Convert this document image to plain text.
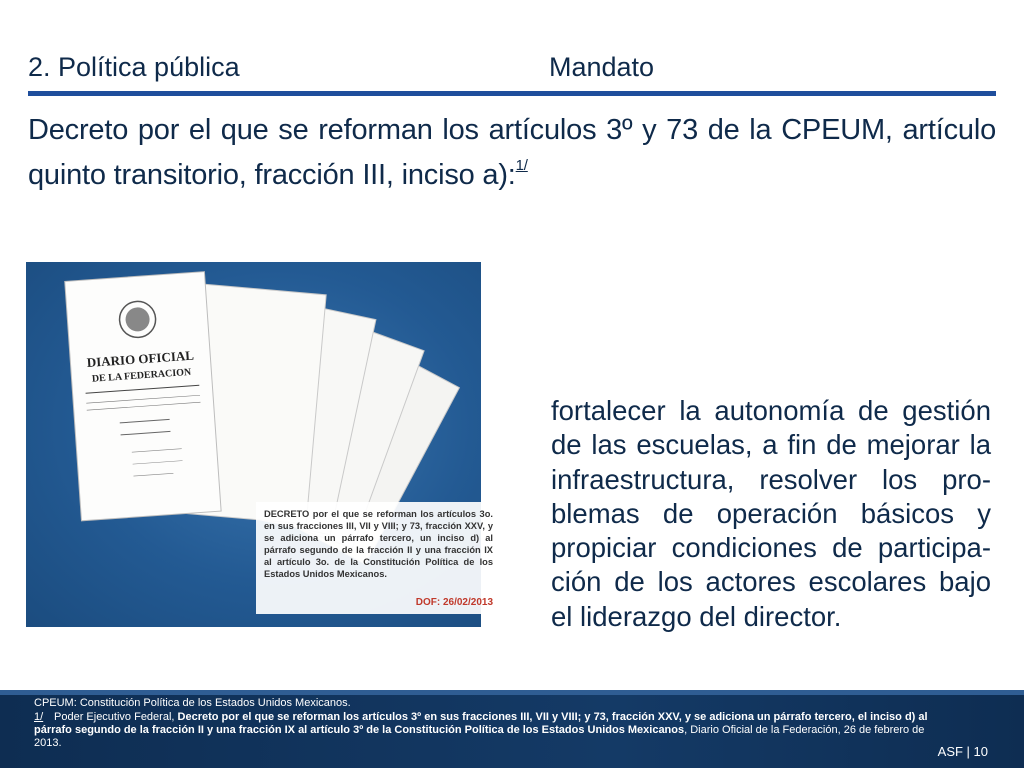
2. Política pública	Mandato
Decreto por el que se reforman los artículos 3º y 73 de la CPEUM, artículo quinto transitorio, fracción III, inciso a):$^{1/}$
DIARIO OFICIAL
DE LA FEDERACION
DECRETO por el que se reforman los artículos 3o. en sus fracciones III, VII y VIII; y 73, fracción XXV, y se adiciona un párrafo tercero, un inciso d) al párrafo segundo de la fracción II y una fracción IX al artículo 3o. de la Constitución Política de los Estados Unidos Mexicanos.
DOF: 26/02/2013
fortalecer la autonomía de gestión de las escuelas, a fin de mejorar la infraestructura, resolver los pro-blemas de operación básicos y propiciar condiciones de participa-ción de los actores escolares bajo el liderazgo del director.
CPEUM: Constitución Política de los Estados Unidos Mexicanos.
1/ Poder Ejecutivo Federal, Decreto por el que se reforman los artículos 3º en sus fracciones III, VII y VIII; y 73, fracción XXV, y se adiciona un párrafo tercero, el inciso d) al párrafo segundo de la fracción II y una fracción IX al artículo 3º de la Constitución Política de los Estados Unidos Mexicanos, Diario Oficial de la Federación, 26 de febrero de 2013.
ASF | 10
